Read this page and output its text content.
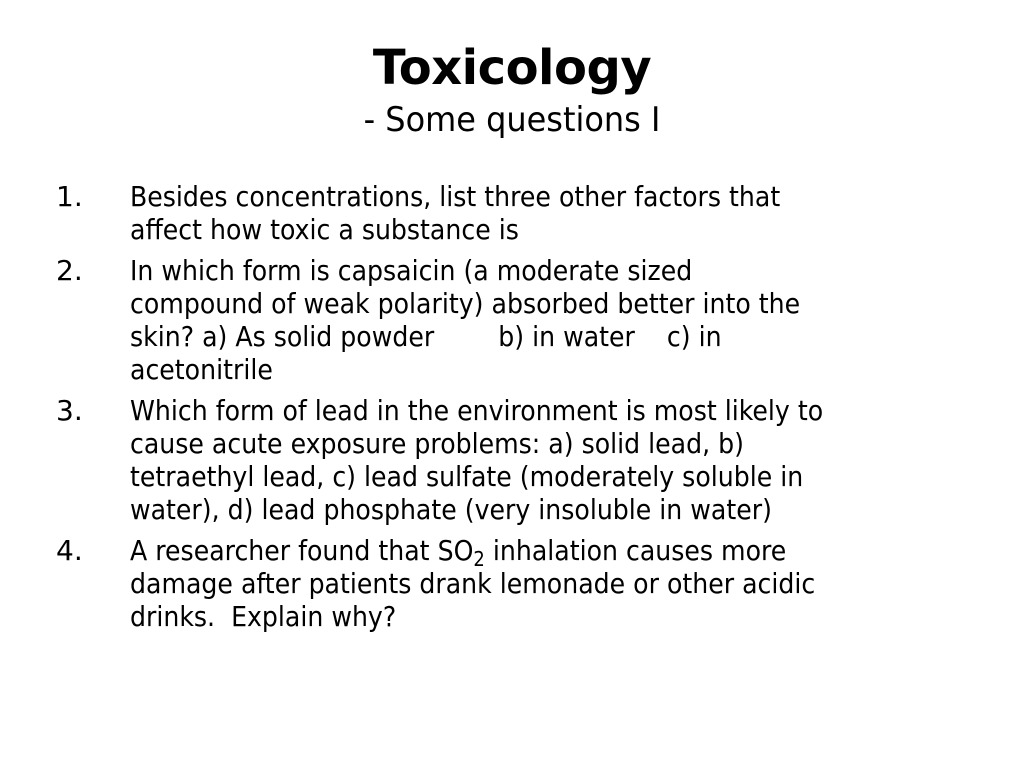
Toxicology
- Some questions I
1.	Besides concentrations, list three other factors that
affect how toxic a substance is
2.	In which form is capsaicin (a moderate sized
compound of weak polarity) absorbed better into the
skin? a) As solid powder        b) in water    c) in
acetonitrile
3.	Which form of lead in the environment is most likely to
cause acute exposure problems: a) solid lead, b)
tetraethyl lead, c) lead sulfate (moderately soluble in
water), d) lead phosphate (very insoluble in water)
4.	A researcher found that $SO_2$ inhalation causes more
damage after patients drank lemonade or other acidic
drinks.  Explain why?
